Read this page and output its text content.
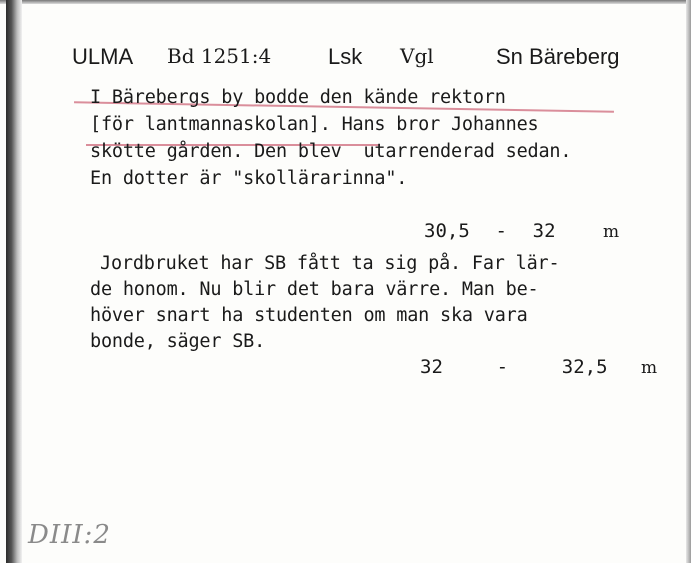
ULMA Bd 1251:4	Lsk Vgl	Sn Bäreberg
I Bärebergs by bodde den kände rektorn
[för lantmannaskolan]. Hans bror Johannes
skötte gården. Den blev  utarrenderad sedan.
En dotter är "skollärarinna".
30,5 - 32	m
Jordbruket har SB fått ta sig på. Far lär-
de honom. Nu blir det bara värre. Man be-
höver snart ha studenten om man ska vara
bonde, säger SB.
32	-	32,5 m
DIII:2
